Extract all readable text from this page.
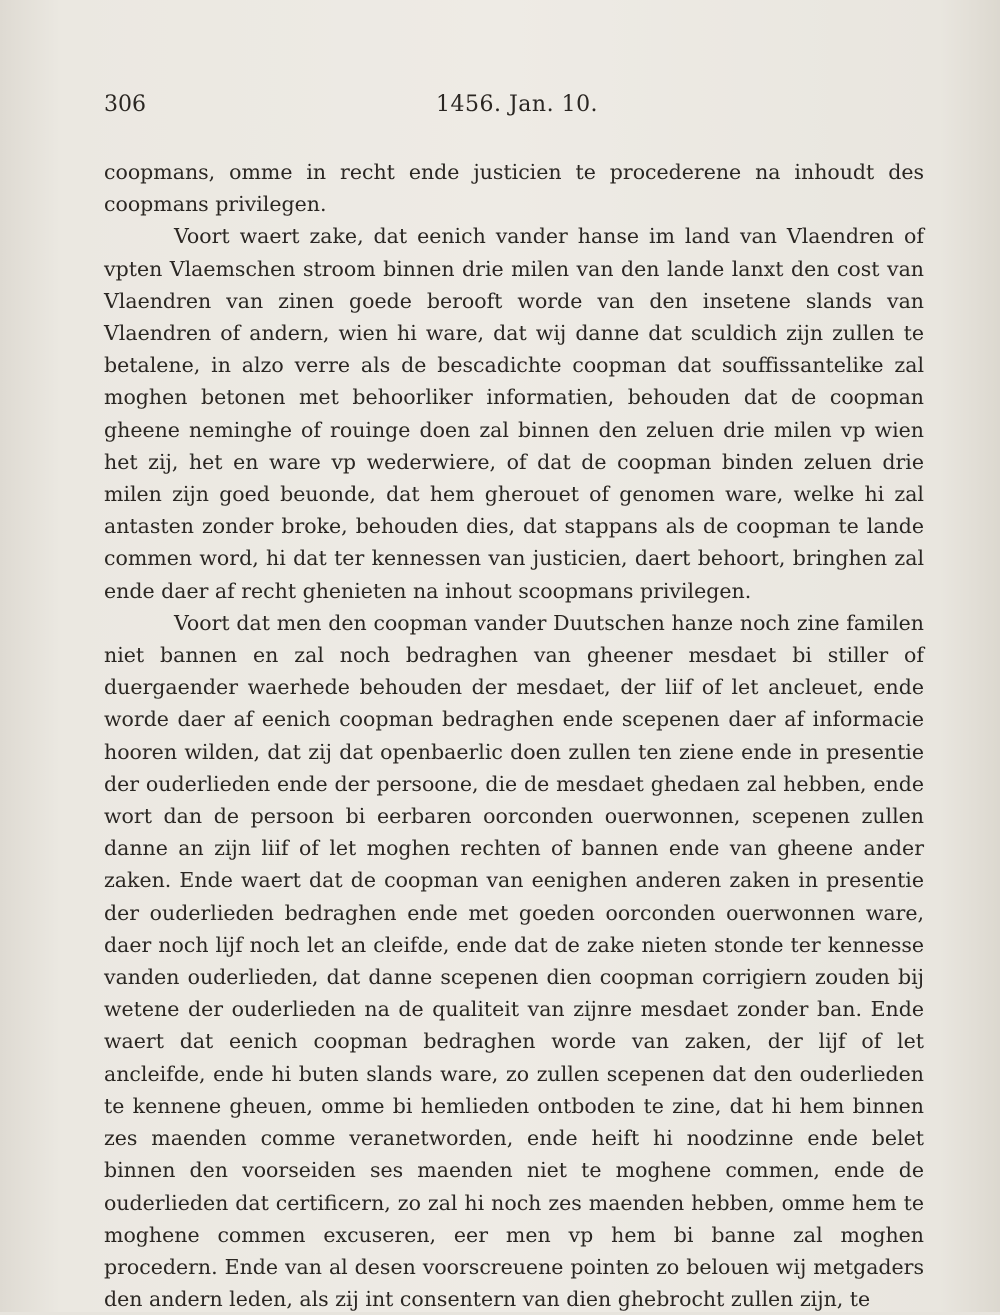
306	1456. Jan. 10.

coopmans, omme in recht ende justicien te procederene na inhoudt des coopmans privilegen.

Voort waert zake, dat eenich vander hanse im land van Vlaendren of vpten Vlaemschen stroom binnen drie milen van den lande lanxt den cost van Vlaendren van zinen goede berooft worde van den insetene slands van Vlaendren of andern, wien hi ware, dat wij danne dat sculdich zijn zullen te betalene, in alzo verre als de bescadichte coopman dat souffissantelike zal moghen betonen met behoorliker informatien, behouden dat de coopman gheene neminghe of rouinge doen zal binnen den zeluen drie milen vp wien het zij, het en ware vp wederwiere, of dat de coopman binden zeluen drie milen zijn goed beuonde, dat hem gherouet of genomen ware, welke hi zal antasten zonder broke, behouden dies, dat stappans als de coopman te lande commen word, hi dat ter kennessen van justicien, daert behoort, bringhen zal ende daer af recht ghenieten na inhout scoopmans privilegen.

Voort dat men den coopman vander Duutschen hanze noch zine familen niet bannen en zal noch bedraghen van gheener mesdaet bi stiller of duergaender waerhede behouden der mesdaet, der liif of let ancleuet, ende worde daer af eenich coopman bedraghen ende scepenen daer af informacie hooren wilden, dat zij dat openbaerlic doen zullen ten ziene ende in presentie der ouderlieden ende der persoone, die de mesdaet ghedaen zal hebben, ende wort dan de persoon bi eerbaren oorconden ouerwonnen, scepenen zullen danne an zijn liif of let moghen rechten of bannen ende van gheene ander zaken. Ende waert dat de coopman van eenighen anderen zaken in presentie der ouderlieden bedraghen ende met goeden oorconden ouerwonnen ware, daer noch lijf noch let an cleifde, ende dat de zake nieten stonde ter kennesse vanden ouderlieden, dat danne scepenen dien coopman corrigiern zouden bij wetene der ouderlieden na de qualiteit van zijnre mesdaet zonder ban. Ende waert dat eenich coopman bedraghen worde van zaken, der lijf of let ancleifde, ende hi buten slands ware, zo zullen scepenen dat den ouderlieden te kennene gheuen, omme bi hemlieden ontboden te zine, dat hi hem binnen zes maenden comme veranetworden, ende heift hi noodzinne ende belet binnen den voorseiden ses maenden niet te moghene commen, ende de ouderlieden dat certificern, zo zal hi noch zes maenden hebben, omme hem te moghene commen excuseren, eer men vp hem bi banne zal moghen procedern. Ende van al desen voorscreuene pointen zo belouen wij metgaders den andern leden, als zij int consentern van dien ghebrocht zullen zijn, te
